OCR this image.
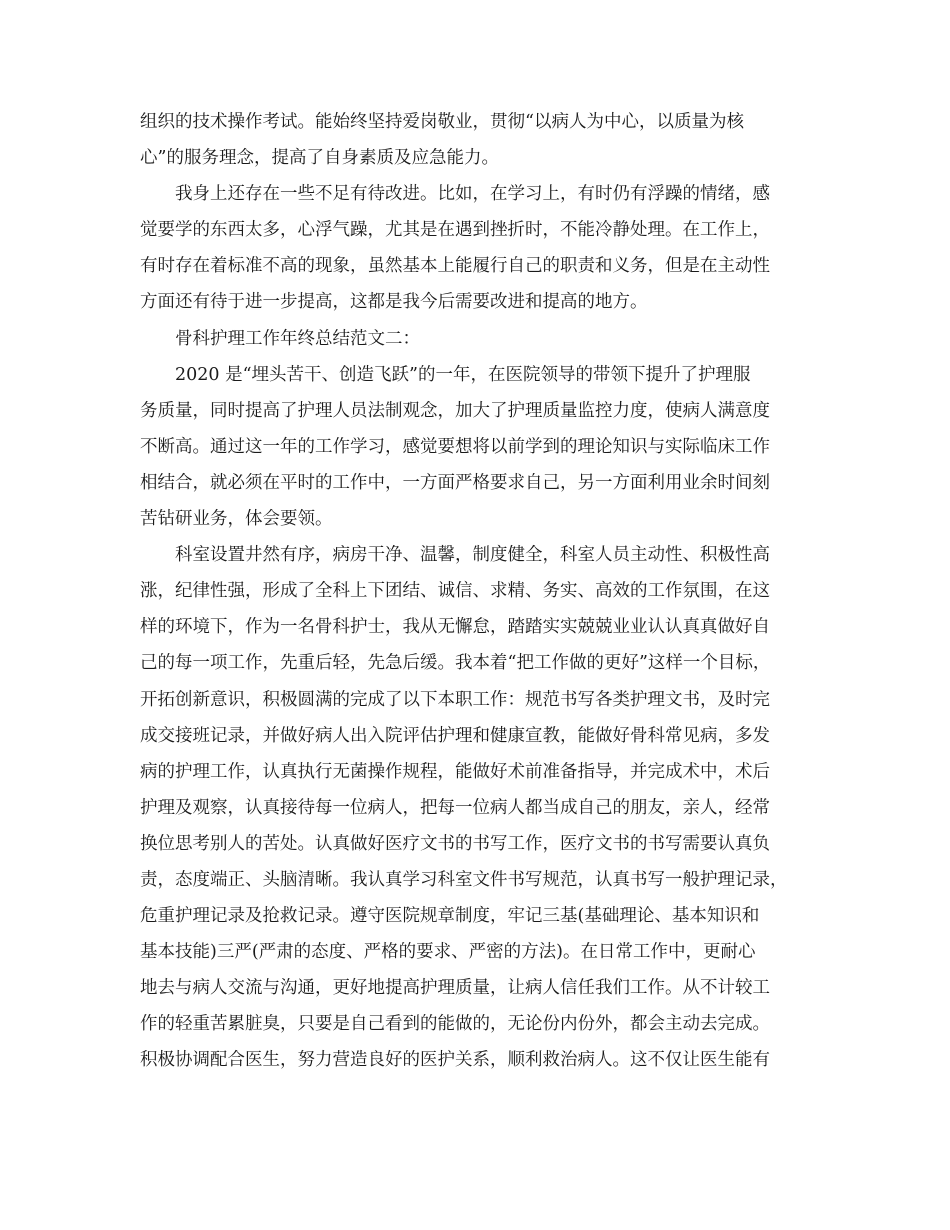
组织的技术操作考试。能始终坚持爱岗敬业，贯彻“以病人为中心，以质量为核
心”的服务理念，提高了自身素质及应急能力。
我身上还存在一些不足有待改进。比如，在学习上，有时仍有浮躁的情绪，感
觉要学的东西太多，心浮气躁，尤其是在遇到挫折时，不能冷静处理。在工作上，
有时存在着标准不高的现象，虽然基本上能履行自己的职责和义务，但是在主动性
方面还有待于进一步提高，这都是我今后需要改进和提高的地方。
骨科护理工作年终总结范文二：
2020 是“埋头苦干、创造飞跃”的一年，在医院领导的带领下提升了护理服
务质量，同时提高了护理人员法制观念，加大了护理质量监控力度，使病人满意度
不断高。通过这一年的工作学习，感觉要想将以前学到的理论知识与实际临床工作
相结合，就必须在平时的工作中，一方面严格要求自己，另一方面利用业余时间刻
苦钻研业务，体会要领。
科室设置井然有序，病房干净、温馨，制度健全，科室人员主动性、积极性高
涨，纪律性强，形成了全科上下团结、诚信、求精、务实、高效的工作氛围，在这
样的环境下，作为一名骨科护士，我从无懈怠，踏踏实实兢兢业业认认真真做好自
己的每一项工作，先重后轻，先急后缓。我本着“把工作做的更好”这样一个目标，
开拓创新意识，积极圆满的完成了以下本职工作：规范书写各类护理文书，及时完
成交接班记录，并做好病人出入院评估护理和健康宣教，能做好骨科常见病，多发
病的护理工作，认真执行无菌操作规程，能做好术前准备指导，并完成术中，术后
护理及观察，认真接待每一位病人，把每一位病人都当成自己的朋友，亲人，经常
换位思考别人的苦处。认真做好医疗文书的书写工作，医疗文书的书写需要认真负
责，态度端正、头脑清晰。我认真学习科室文件书写规范，认真书写一般护理记录，
危重护理记录及抢救记录。遵守医院规章制度，牢记三基(基础理论、基本知识和
基本技能)三严(严肃的态度、严格的要求、严密的方法)。在日常工作中，更耐心
地去与病人交流与沟通，更好地提高护理质量，让病人信任我们工作。从不计较工
作的轻重苦累脏臭，只要是自己看到的能做的，无论份内份外，都会主动去完成。
积极协调配合医生，努力营造良好的医护关系，顺利救治病人。这不仅让医生能有
